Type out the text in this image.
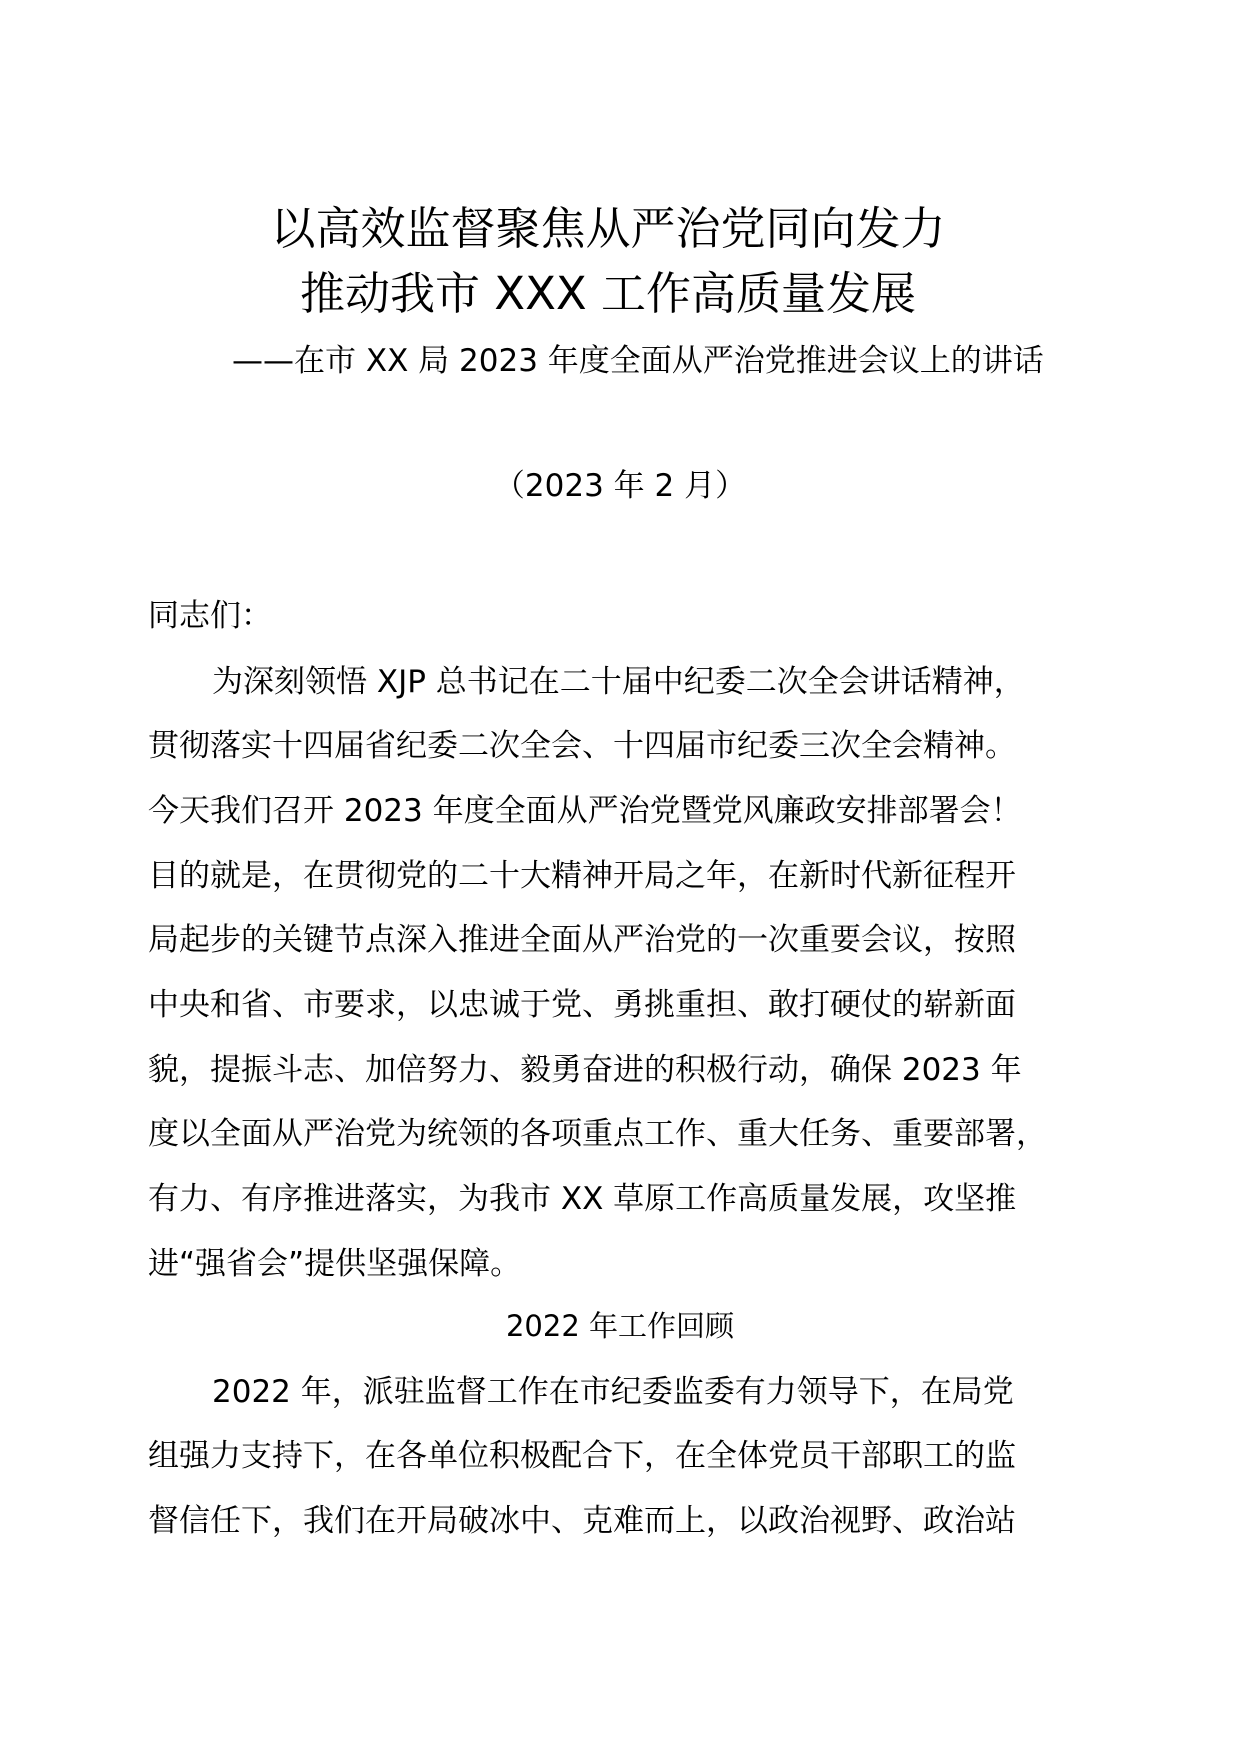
以高效监督聚焦从严治党同向发力
推动我市 XXX 工作高质量发展

——在市 XX 局 2023 年度全面从严治党推进会议上的讲话

（2023 年 2 月）

同志们：

为深刻领悟 XJP 总书记在二十届中纪委二次全会讲话精神，

贯彻落实十四届省纪委二次全会、十四届市纪委三次全会精神。

今天我们召开 2023 年度全面从严治党暨党风廉政安排部署会！

目的就是，在贯彻党的二十大精神开局之年，在新时代新征程开

局起步的关键节点深入推进全面从严治党的一次重要会议，按照

中央和省、市要求，以忠诚于党、勇挑重担、敢打硬仗的崭新面

貌，提振斗志、加倍努力、毅勇奋进的积极行动，确保 2023 年

度以全面从严治党为统领的各项重点工作、重大任务、重要部署，

有力、有序推进落实，为我市 XX 草原工作高质量发展，攻坚推

进“强省会”提供坚强保障。

2022 年工作回顾

2022 年，派驻监督工作在市纪委监委有力领导下，在局党

组强力支持下，在各单位积极配合下，在全体党员干部职工的监

督信任下，我们在开局破冰中、克难而上，以政治视野、政治站
